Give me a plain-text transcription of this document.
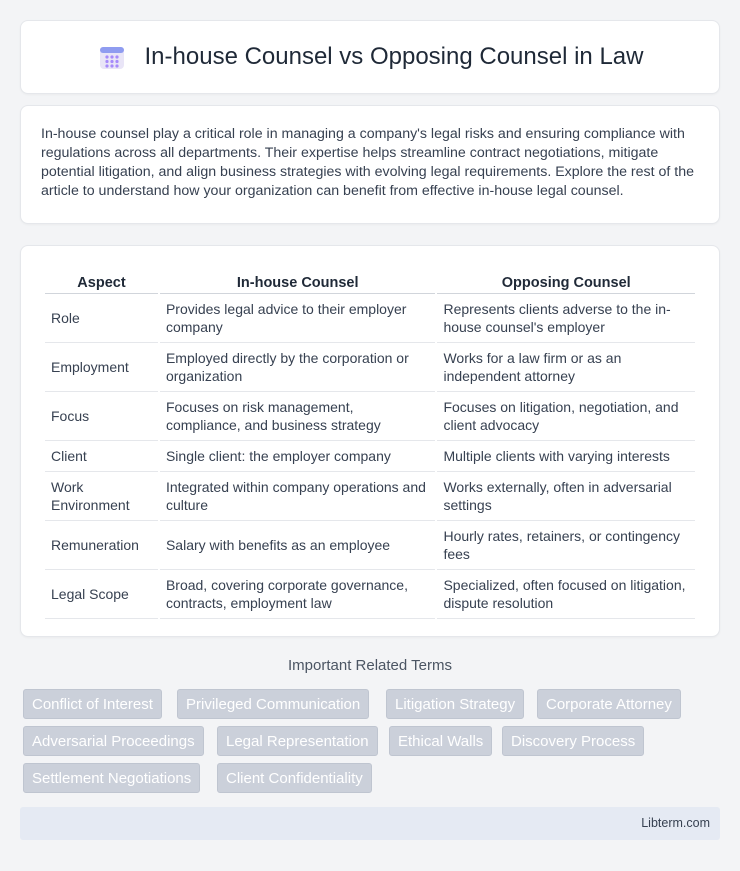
In-house Counsel vs Opposing Counsel in Law

In-house counsel play a critical role in managing a company's legal risks and ensuring compliance with regulations across all departments. Their expertise helps streamline contract negotiations, mitigate potential litigation, and align business strategies with evolving legal requirements. Explore the rest of the article to understand how your organization can benefit from effective in-house legal counsel.

Aspect	In-house Counsel	Opposing Counsel
Role	Provides legal advice to their employer company	Represents clients adverse to the in-house counsel's employer
Employment	Employed directly by the corporation or organization	Works for a law firm or as an independent attorney
Focus	Focuses on risk management, compliance, and business strategy	Focuses on litigation, negotiation, and client advocacy
Client	Single client: the employer company	Multiple clients with varying interests
Work Environment	Integrated within company operations and culture	Works externally, often in adversarial settings
Remuneration	Salary with benefits as an employee	Hourly rates, retainers, or contingency fees
Legal Scope	Broad, covering corporate governance, contracts, employment law	Specialized, often focused on litigation, dispute resolution
Important Related Terms
Conflict of Interest	Privileged Communication	Litigation Strategy	Corporate Attorney
Adversarial Proceedings	Legal Representation	Ethical Walls	Discovery Process
Settlement Negotiations	Client Confidentiality
Libterm.com
